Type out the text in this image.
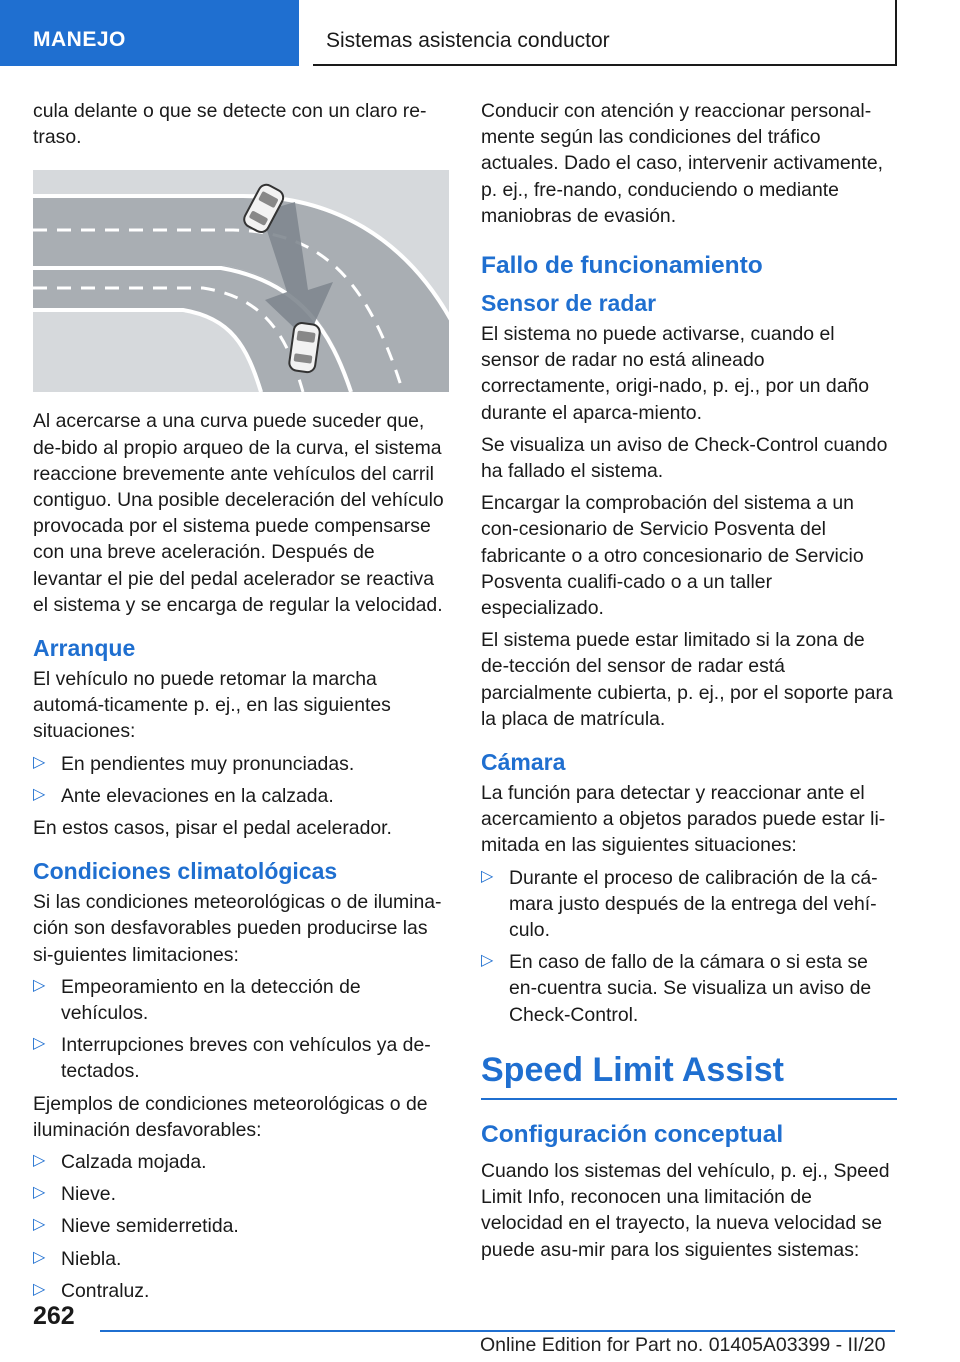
MANEJO	Sistemas asistencia conductor

cula delante o que se detecte con un claro re-traso.

Al acercarse a una curva puede suceder que, de-bido al propio arqueo de la curva, el sistema reaccione brevemente ante vehículos del carril contiguo. Una posible deceleración del vehículo provocada por el sistema puede compensarse con una breve aceleración. Después de levantar el pie del pedal acelerador se reactiva el sistema y se encarga de regular la velocidad.

Arranque

El vehículo no puede retomar la marcha automá-ticamente p. ej., en las siguientes situaciones:

▷ En pendientes muy pronunciadas.
▷ Ante elevaciones en la calzada.

En estos casos, pisar el pedal acelerador.

Condiciones climatológicas

Si las condiciones meteorológicas o de ilumina-ción son desfavorables pueden producirse las si-guientes limitaciones:

▷ Empeoramiento en la detección de vehículos.
▷ Interrupciones breves con vehículos ya de-tectados.

Ejemplos de condiciones meteorológicas o de iluminación desfavorables:

▷ Calzada mojada.
▷ Nieve.
▷ Nieve semiderretida.
▷ Niebla.
▷ Contraluz.

Conducir con atención y reaccionar personal-mente según las condiciones del tráfico actuales. Dado el caso, intervenir activamente, p. ej., fre-nando, conduciendo o mediante maniobras de evasión.

Fallo de funcionamiento
Sensor de radar

El sistema no puede activarse, cuando el sensor de radar no está alineado correctamente, origi-nado, p. ej., por un daño durante el aparca-miento.

Se visualiza un aviso de Check-Control cuando ha fallado el sistema.

Encargar la comprobación del sistema a un con-cesionario de Servicio Posventa del fabricante o a otro concesionario de Servicio Posventa cualifi-cado o a un taller especializado.

El sistema puede estar limitado si la zona de de-tección del sensor de radar está parcialmente cubierta, p. ej., por el soporte para la placa de matrícula.

Cámara

La función para detectar y reaccionar ante el acercamiento a objetos parados puede estar li-mitada en las siguientes situaciones:

▷ Durante el proceso de calibración de la cá-mara justo después de la entrega del vehí-culo.
▷ En caso de fallo de la cámara o si esta se en-cuentra sucia. Se visualiza un aviso de Check-Control.
Speed Limit Assist
Configuración conceptual

Cuando los sistemas del vehículo, p. ej., Speed Limit Info, reconocen una limitación de velocidad en el trayecto, la nueva velocidad se puede asu-mir para los siguientes sistemas:

262
Online Edition for Part no. 01405A03399 - II/20
